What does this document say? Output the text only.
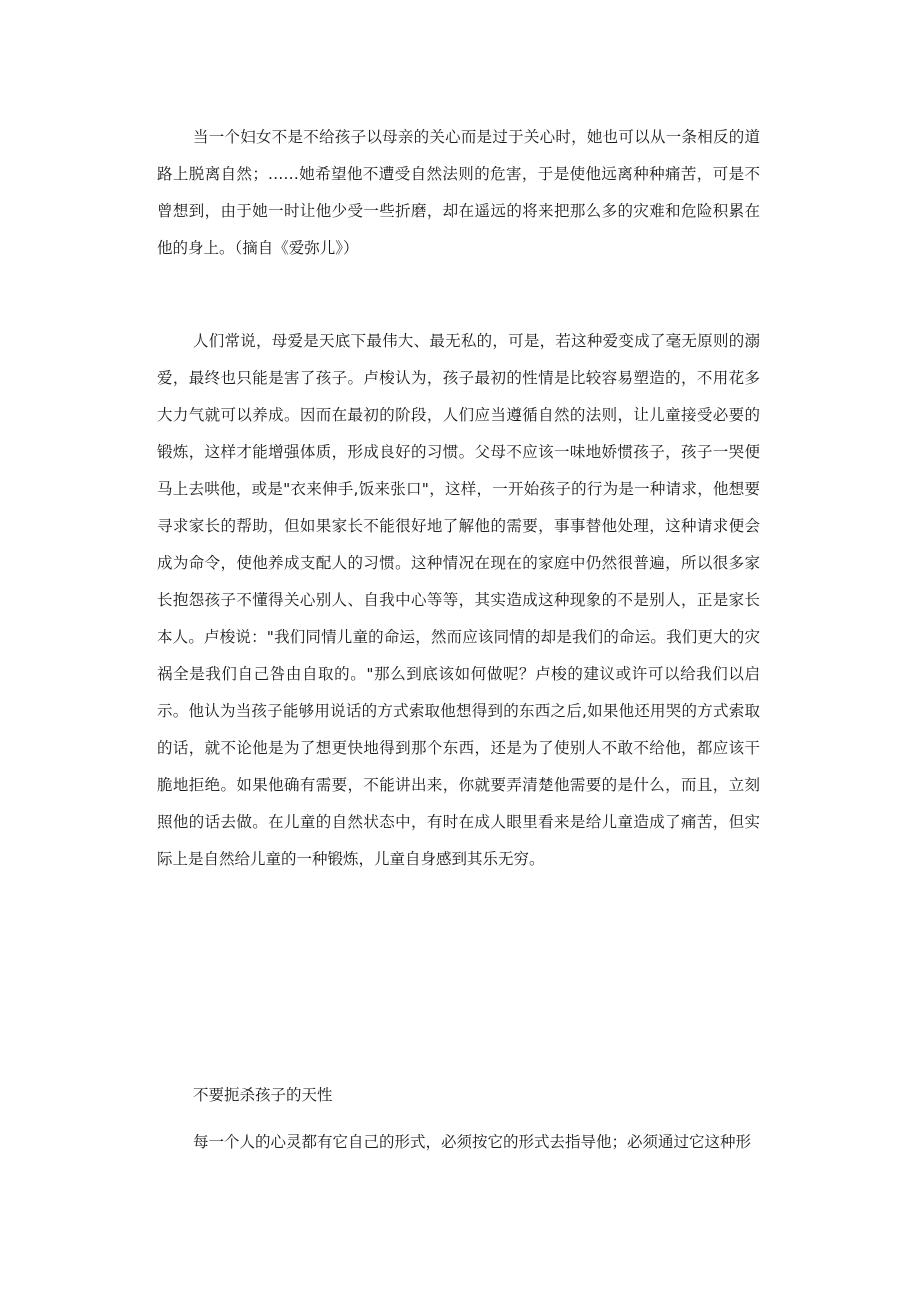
当一个妇女不是不给孩子以母亲的关心而是过于关心时，她也可以从一条相反的道路上脱离自然；……她希望他不遭受自然法则的危害，于是使他远离种种痛苦，可是不曾想到，由于她一时让他少受一些折磨，却在遥远的将来把那么多的灾难和危险积累在他的身上。（摘自《爱弥儿》）

人们常说，母爱是天底下最伟大、最无私的，可是，若这种爱变成了毫无原则的溺爱，最终也只能是害了孩子。卢梭认为，孩子最初的性情是比较容易塑造的，不用花多大力气就可以养成。因而在最初的阶段，人们应当遵循自然的法则，让儿童接受必要的锻炼，这样才能增强体质，形成良好的习惯。父母不应该一味地娇惯孩子，孩子一哭便马上去哄他，或是"衣来伸手,饭来张口"，这样，一开始孩子的行为是一种请求，他想要寻求家长的帮助，但如果家长不能很好地了解他的需要，事事替他处理，这种请求便会成为命令，使他养成支配人的习惯。这种情况在现在的家庭中仍然很普遍，所以很多家长抱怨孩子不懂得关心别人、自我中心等等，其实造成这种现象的不是别人，正是家长本人。卢梭说："我们同情儿童的命运，然而应该同情的却是我们的命运。我们更大的灾祸全是我们自己咎由自取的。"那么到底该如何做呢？卢梭的建议或许可以给我们以启示。他认为当孩子能够用说话的方式索取他想得到的东西之后,如果他还用哭的方式索取的话，就不论他是为了想更快地得到那个东西，还是为了使别人不敢不给他，都应该干脆地拒绝。如果他确有需要，不能讲出来，你就要弄清楚他需要的是什么，而且，立刻照他的话去做。在儿童的自然状态中，有时在成人眼里看来是给儿童造成了痛苦，但实际上是自然给儿童的一种锻炼，儿童自身感到其乐无穷。

不要扼杀孩子的天性

每一个人的心灵都有它自己的形式，必须按它的形式去指导他；必须通过它这种形
